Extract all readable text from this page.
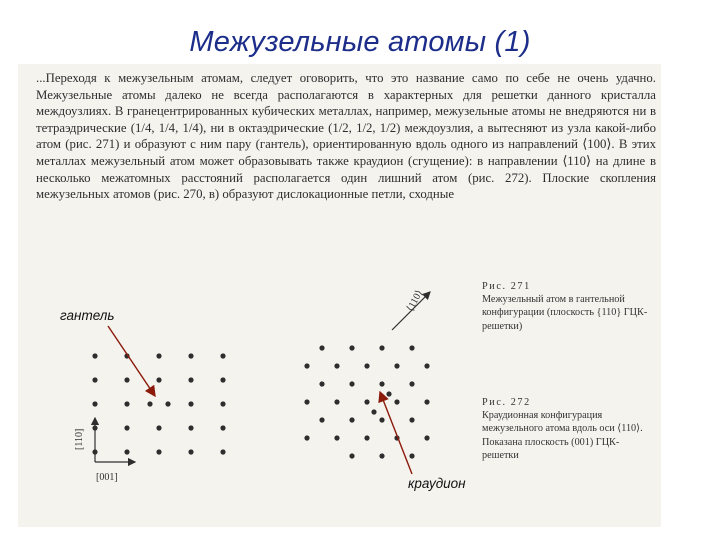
Межузельные атомы (1)

...Переходя к межузельным атомам, следует оговорить, что это название само по себе не очень удачно. Межузельные атомы далеко не всегда располагаются в характерных для решетки данного кристалла междоузлиях. В гранецентрированных кубических металлах, например, межузельные атомы не внедряются ни в тетраэдрические (1/4, 1/4, 1/4), ни в октаэдрические (1/2, 1/2, 1/2) междоузлия, а вытесняют из узла какой-либо атом (рис. 271) и образуют с ним пару (гантель), ориентированную вдоль одного из направлений ⟨100⟩. В этих металлах межузельный атом может образовывать также краудион (сгущение): в направлении ⟨110⟩ на длине в несколько межатомных расстояний располагается один лишний атом (рис. 272). Плоские скопления межузельных атомов (рис. 270, в) образуют дислокационные петли, сходные

[110]
[001]
⟨110⟩

Рис. 271
Межузельный атом в гантельной конфигурации (плоскость {110} ГЦК-решетки)

Рис. 272
Краудионная конфигурация межузельного атома вдоль оси ⟨110⟩. Показана плоскость (001) ГЦК-решетки

гантель
краудион
